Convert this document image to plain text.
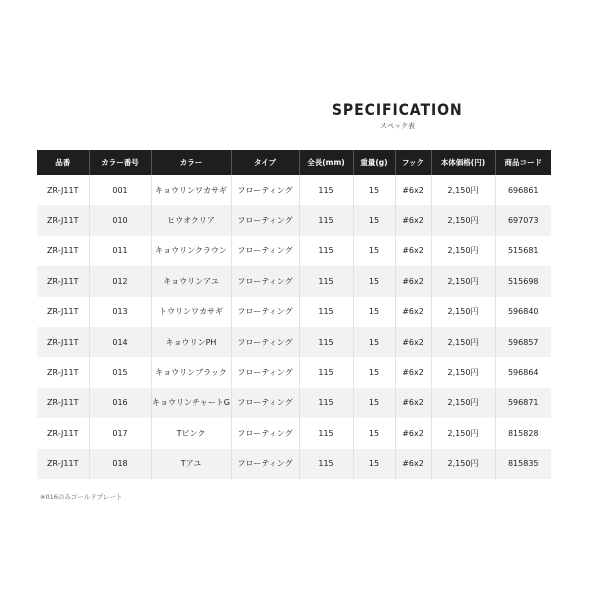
SPECIFICATION
スペック表
品番	カラー番号	カラー	タイプ	全長(mm)	重量(g)	フック	本体価格(円)	商品コード
ZR-J11T	001	キョウリンワカサギ	フローティング	115	15	#6x2	2,150円	696861
ZR-J11T	010	ヒウオクリア	フローティング	115	15	#6x2	2,150円	697073
ZR-J11T	011	キョウリンクラウン	フローティング	115	15	#6x2	2,150円	515681
ZR-J11T	012	キョウリンアユ	フローティング	115	15	#6x2	2,150円	515698
ZR-J11T	013	トウリンワカサギ	フローティング	115	15	#6x2	2,150円	596840
ZR-J11T	014	キョウリンPH	フローティング	115	15	#6x2	2,150円	596857
ZR-J11T	015	キョウリンブラック	フローティング	115	15	#6x2	2,150円	596864
ZR-J11T	016	キョウリンチャートG	フローティング	115	15	#6x2	2,150円	596871
ZR-J11T	017	Tピンク	フローティング	115	15	#6x2	2,150円	815828
ZR-J11T	018	Tアユ	フローティング	115	15	#6x2	2,150円	815835
※016のみゴールドプレート
